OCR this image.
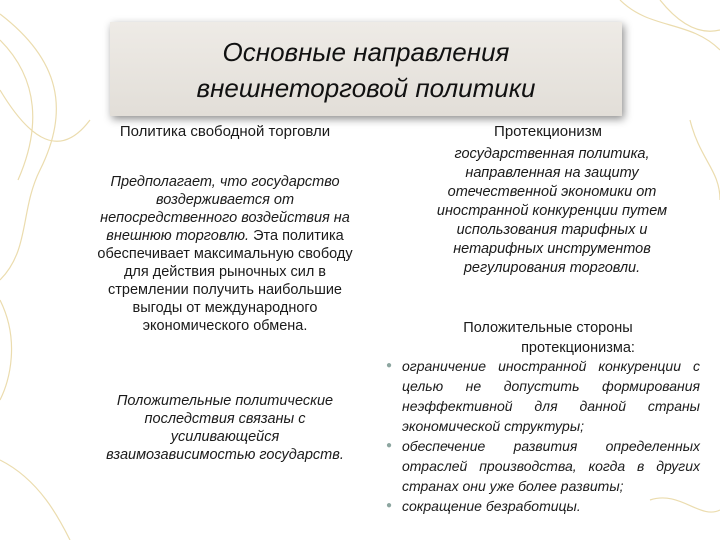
Основные направления
внешнеторговой политики
Политика свободной торговли
Предполагает, что государство воздерживается от непосредственного воздействия на внешнюю торговлю. Эта политика обеспечивает максимальную свободу для действия рыночных сил в стремлении получить наибольшие выгоды от международного экономического обмена.
Положительные политические последствия связаны с усиливающейся взаимозависимостью государств.
Протекционизм
государственная политика, направленная на защиту отечественной экономики от иностранной конкуренции путем использования тарифных и нетарифных инструментов регулирования торговли.
Положительные стороны
протекционизма:
● ограничение иностранной конкуренции с целью не допустить формирования неэффективной для данной страны экономической структуры;
● обеспечение развития определенных отраслей производства, когда в других странах они уже более развиты;
● сокращение безработицы.
